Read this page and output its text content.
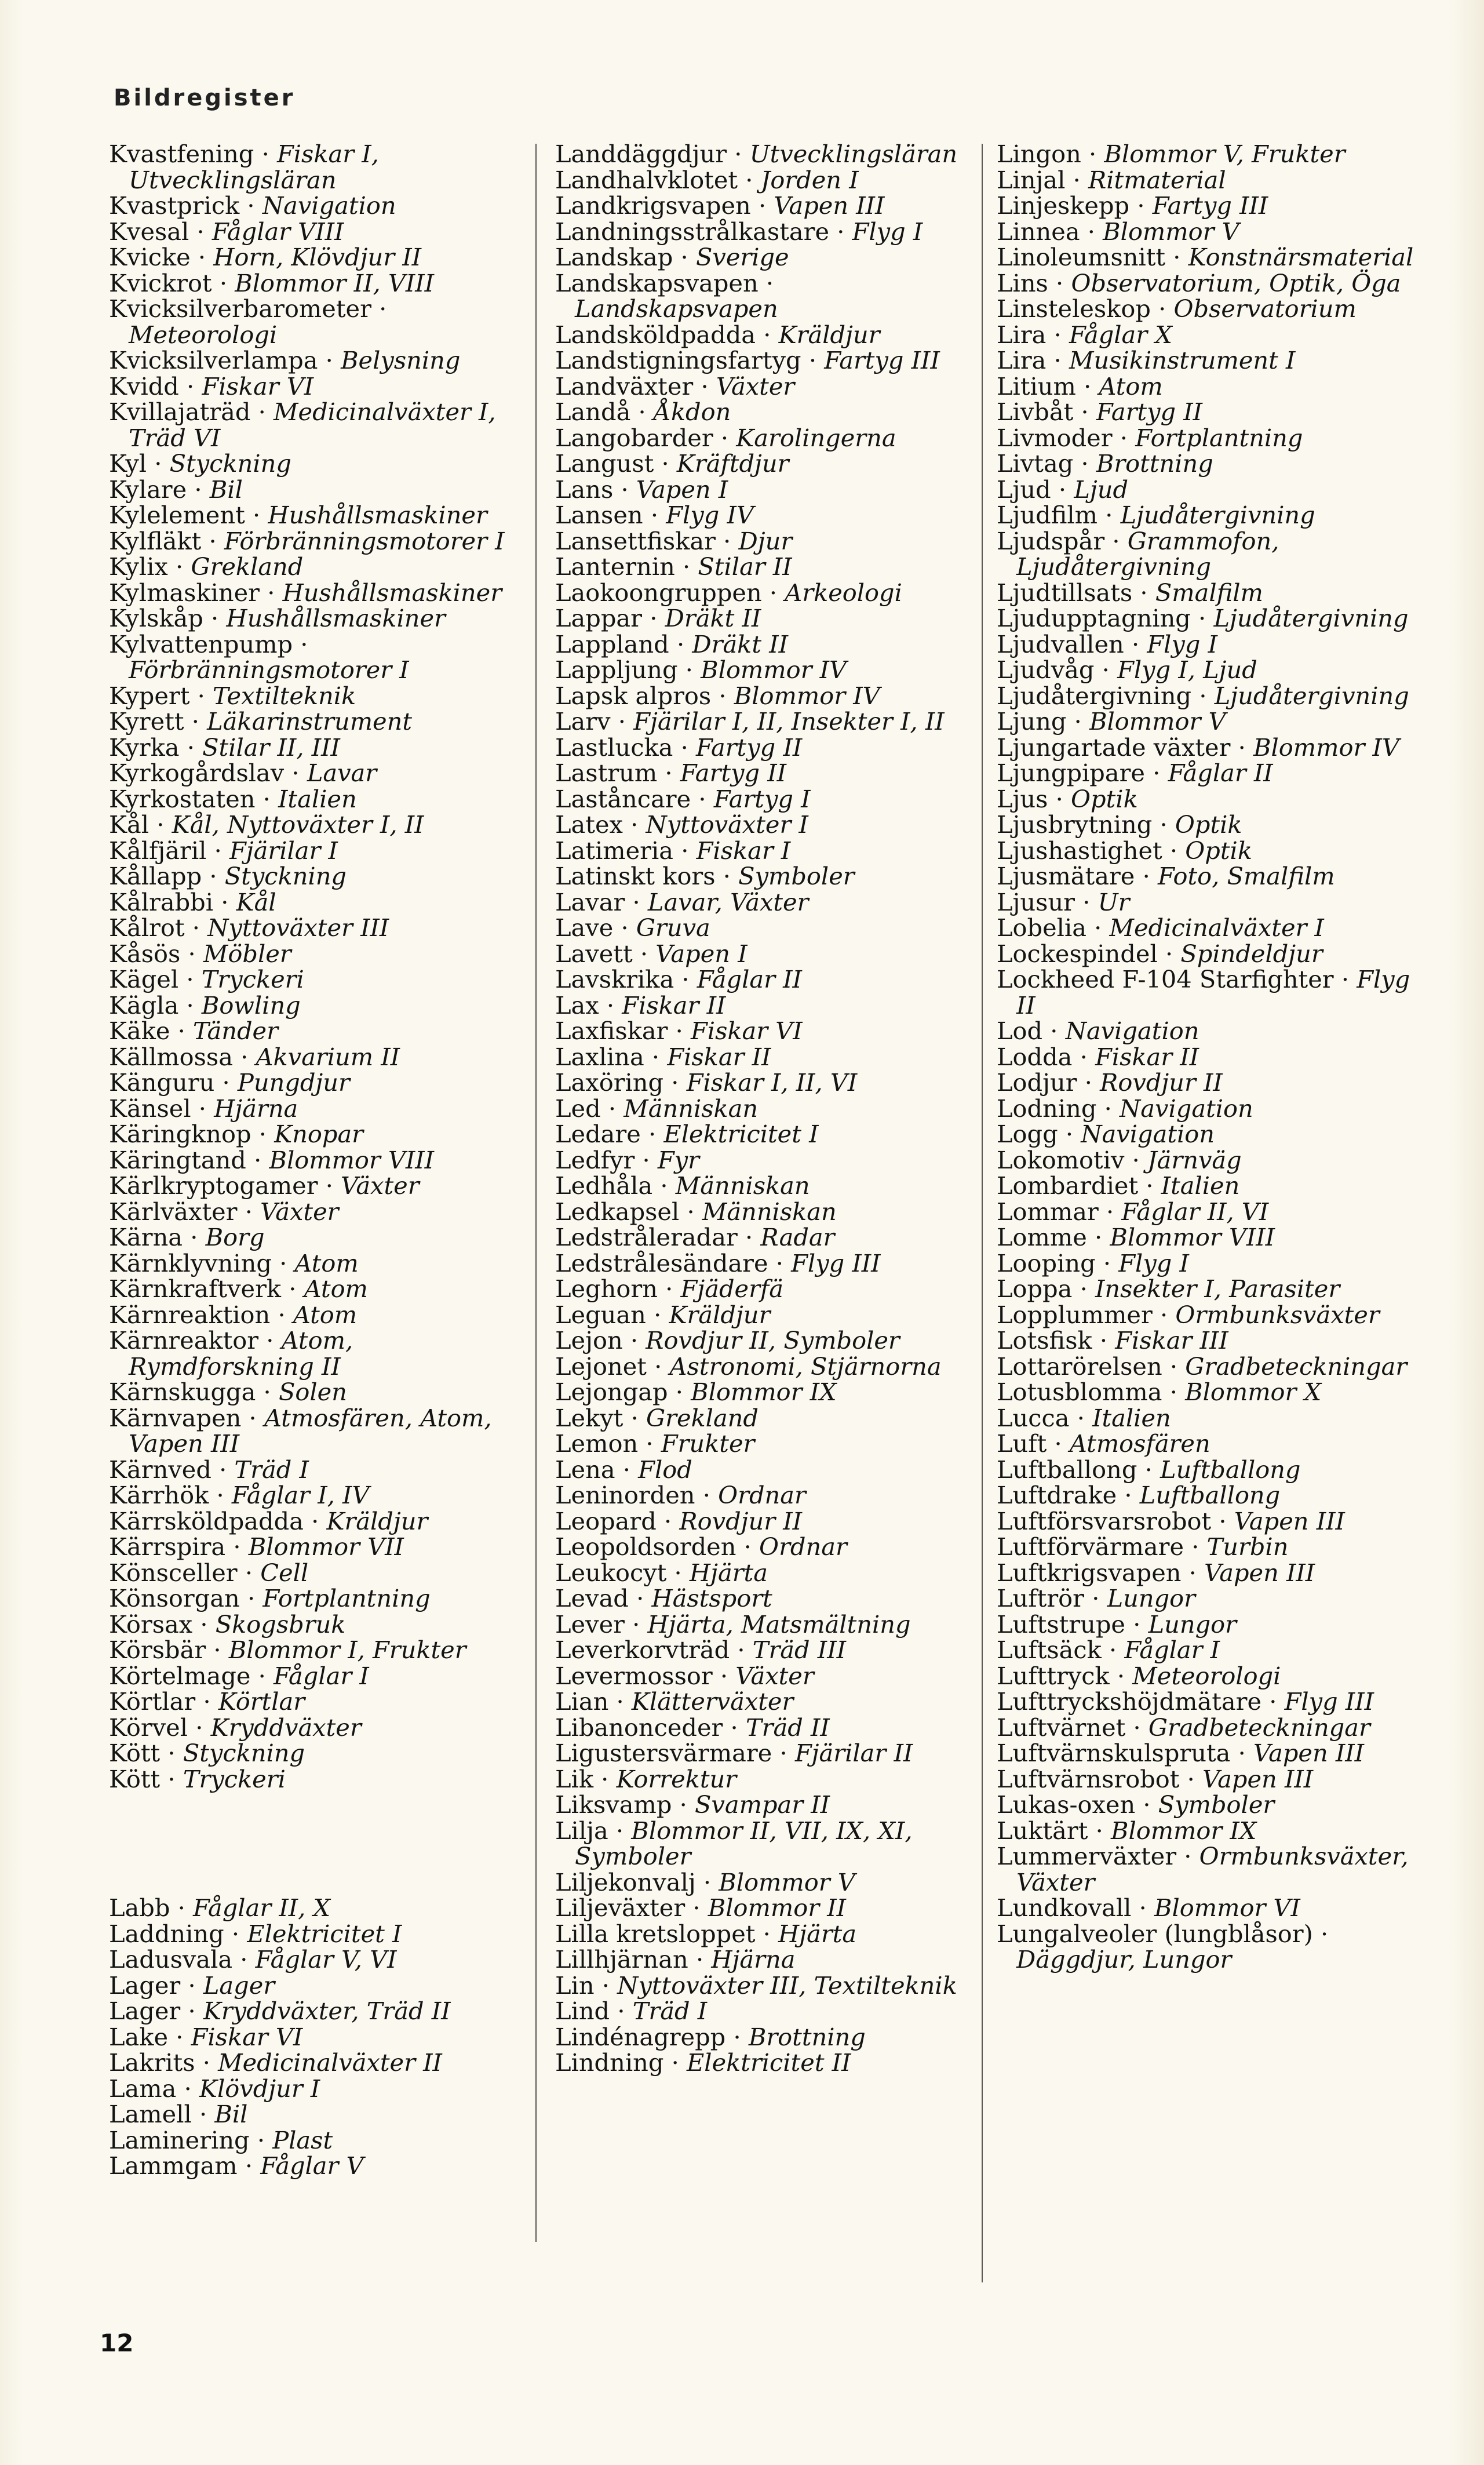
Bildregister
Kvastfening · Fiskar I, Utvecklingsläran
Kvastprick · Navigation
Kvesal · Fåglar VIII
Kvicke · Horn, Klövdjur II
Kvickrot · Blommor II, VIII
Kvicksilverbarometer · Meteorologi
Kvicksilverlampa · Belysning
Kvidd · Fiskar VI
Kvillajaträd · Medicinalväxter I, Träd VI
Kyl · Styckning
Kylare · Bil
Kylelement · Hushållsmaskiner
Kylfläkt · Förbränningsmotorer I
Kylix · Grekland
Kylmaskiner · Hushållsmaskiner
Kylskåp · Hushållsmaskiner
Kylvattenpump · Förbränningsmotorer I
Kypert · Textilteknik
Kyrett · Läkarinstrument
Kyrka · Stilar II, III
Kyrkogårdslav · Lavar
Kyrkostaten · Italien
Kål · Kål, Nyttoväxter I, II
Kålfjäril · Fjärilar I
Kållapp · Styckning
Kålrabbi · Kål
Kålrot · Nyttoväxter III
Kåsös · Möbler
Kägel · Tryckeri
Kägla · Bowling
Käke · Tänder
Källmossa · Akvarium II
Känguru · Pungdjur
Känsel · Hjärna
Käringknop · Knopar
Käringtand · Blommor VIII
Kärlkryptogamer · Växter
Kärlväxter · Växter
Kärna · Borg
Kärnklyvning · Atom
Kärnkraftverk · Atom
Kärnreaktion · Atom
Kärnreaktor · Atom, Rymdforskning II
Kärnskugga · Solen
Kärnvapen · Atmosfären, Atom, Vapen III
Kärnved · Träd I
Kärrhök · Fåglar I, IV
Kärrsköldpadda · Kräldjur
Kärrspira · Blommor VII
Könsceller · Cell
Könsorgan · Fortplantning
Körsax · Skogsbruk
Körsbär · Blommor I, Frukter
Körtelmage · Fåglar I
Körtlar · Körtlar
Körvel · Kryddväxter
Kött · Styckning
Kött · Tryckeri
Labb · Fåglar II, X
Laddning · Elektricitet I
Ladusvala · Fåglar V, VI
Lager · Lager
Lager · Kryddväxter, Träd II
Lake · Fiskar VI
Lakrits · Medicinalväxter II
Lama · Klövdjur I
Lamell · Bil
Laminering · Plast
Lammgam · Fåglar V
Landdäggdjur · Utvecklingsläran
Landhalvklotet · Jorden I
Landkrigsvapen · Vapen III
Landningsstrålkastare · Flyg I
Landskap · Sverige
Landskapsvapen · Landskapsvapen
Landsköldpadda · Kräldjur
Landstigningsfartyg · Fartyg III
Landväxter · Växter
Landå · Åkdon
Langobarder · Karolingerna
Langust · Kräftdjur
Lans · Vapen I
Lansen · Flyg IV
Lansettfiskar · Djur
Lanternin · Stilar II
Laokoongruppen · Arkeologi
Lappar · Dräkt II
Lappland · Dräkt II
Lappljung · Blommor IV
Lapsk alpros · Blommor IV
Larv · Fjärilar I, II, Insekter I, II
Lastlucka · Fartyg II
Lastrum · Fartyg II
Laståncare · Fartyg I
Latex · Nyttoväxter I
Latimeria · Fiskar I
Latinskt kors · Symboler
Lavar · Lavar, Växter
Lave · Gruva
Lavett · Vapen I
Lavskrika · Fåglar II
Lax · Fiskar II
Laxfiskar · Fiskar VI
Laxlina · Fiskar II
Laxöring · Fiskar I, II, VI
Led · Människan
Ledare · Elektricitet I
Ledfyr · Fyr
Ledhåla · Människan
Ledkapsel · Människan
Ledstråleradar · Radar
Ledstrålesändare · Flyg III
Leghorn · Fjäderfä
Leguan · Kräldjur
Lejon · Rovdjur II, Symboler
Lejonet · Astronomi, Stjärnorna
Lejongap · Blommor IX
Lekyt · Grekland
Lemon · Frukter
Lena · Flod
Leninorden · Ordnar
Leopard · Rovdjur II
Leopoldsorden · Ordnar
Leukocyt · Hjärta
Levad · Hästsport
Lever · Hjärta, Matsmältning
Leverkorvträd · Träd III
Levermossor · Växter
Lian · Klätterväxter
Libanonceder · Träd II
Ligustersvärmare · Fjärilar II
Lik · Korrektur
Liksvamp · Svampar II
Lilja · Blommor II, VII, IX, XI, Symboler
Liljekonvalj · Blommor V
Liljeväxter · Blommor II
Lilla kretsloppet · Hjärta
Lillhjärnan · Hjärna
Lin · Nyttoväxter III, Textilteknik
Lind · Träd I
Lindénagrepp · Brottning
Lindning · Elektricitet II
Lingon · Blommor V, Frukter
Linjal · Ritmaterial
Linjeskepp · Fartyg III
Linnea · Blommor V
Linoleumsnitt · Konstnärsmaterial
Lins · Observatorium, Optik, Öga
Linsteleskop · Observatorium
Lira · Fåglar X
Lira · Musikinstrument I
Litium · Atom
Livbåt · Fartyg II
Livmoder · Fortplantning
Livtag · Brottning
Ljud · Ljud
Ljudfilm · Ljudåtergivning
Ljudspår · Grammofon, Ljudåtergivning
Ljudtillsats · Smalfilm
Ljudupptagning · Ljudåtergivning
Ljudvallen · Flyg I
Ljudvåg · Flyg I, Ljud
Ljudåtergivning · Ljudåtergivning
Ljung · Blommor V
Ljungartade växter · Blommor IV
Ljungpipare · Fåglar II
Ljus · Optik
Ljusbrytning · Optik
Ljushastighet · Optik
Ljusmätare · Foto, Smalfilm
Ljusur · Ur
Lobelia · Medicinalväxter I
Lockespindel · Spindeldjur
Lockheed F-104 Starfighter · Flyg II
Lod · Navigation
Lodda · Fiskar II
Lodjur · Rovdjur II
Lodning · Navigation
Logg · Navigation
Lokomotiv · Järnväg
Lombardiet · Italien
Lommar · Fåglar II, VI
Lomme · Blommor VIII
Looping · Flyg I
Loppa · Insekter I, Parasiter
Lopplummer · Ormbunksväxter
Lotsfisk · Fiskar III
Lottarörelsen · Gradbeteckningar
Lotusblomma · Blommor X
Lucca · Italien
Luft · Atmosfären
Luftballong · Luftballong
Luftdrake · Luftballong
Luftförsvarsrobot · Vapen III
Luftförvärmare · Turbin
Luftkrigsvapen · Vapen III
Luftrör · Lungor
Luftstrupe · Lungor
Luftsäck · Fåglar I
Lufttryck · Meteorologi
Lufttryckshöjdmätare · Flyg III
Luftvärnet · Gradbeteckningar
Luftvärnskulspruta · Vapen III
Luftvärnsrobot · Vapen III
Lukas-oxen · Symboler
Luktärt · Blommor IX
Lummerväxter · Ormbunksväxter, Växter
Lundkovall · Blommor VI
Lungalveoler (lungblåsor) · Däggdjur, Lungor
12
